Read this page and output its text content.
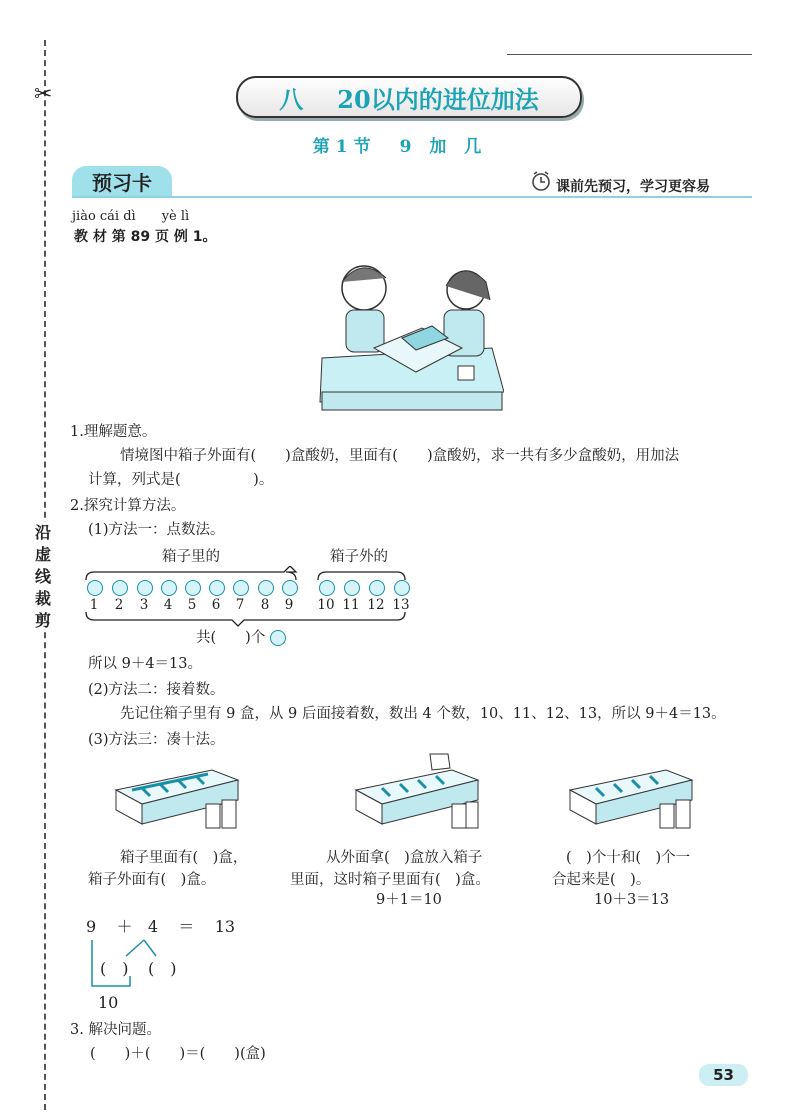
✂
沿虚线裁剪
八 20以内的进位加法
第1节　9 加 几
预习卡	课前先预习，学习更容易
jiào cái dì　　yè lì
教 材 第 89 页 例 1。
1.理解题意。
情境图中箱子外面有(　　)盒酸奶，里面有(　　)盒酸奶，求一共有多少盒酸奶，用加法
计算，列式是(　　　　　)。
2.探究计算方法。
(1)方法一：点数法。
箱子里的	箱子外的
1	2	3	4	5	6	7	8	9	10 11 12 13
共(　　)个
所以 9＋4＝13。
(2)方法二：接着数。
先记住箱子里有 9 盒，从 9 后面接着数，数出 4 个数，10、11、12、13，所以 9＋4＝13。
(3)方法三：凑十法。
箱子里面有(　)盒，
箱子外面有(　)盒。
从外面拿(　)盒放入箱子
里面，这时箱子里面有(　)盒。
9＋1＝10
(　)个十和(　)个一
合起来是(　)。
10＋3＝13
9 ＋ 4 ＝ 13
(　) (　)
10
3. 解决问题。
(　　)＋(　　)＝(　　)(盒)
53
